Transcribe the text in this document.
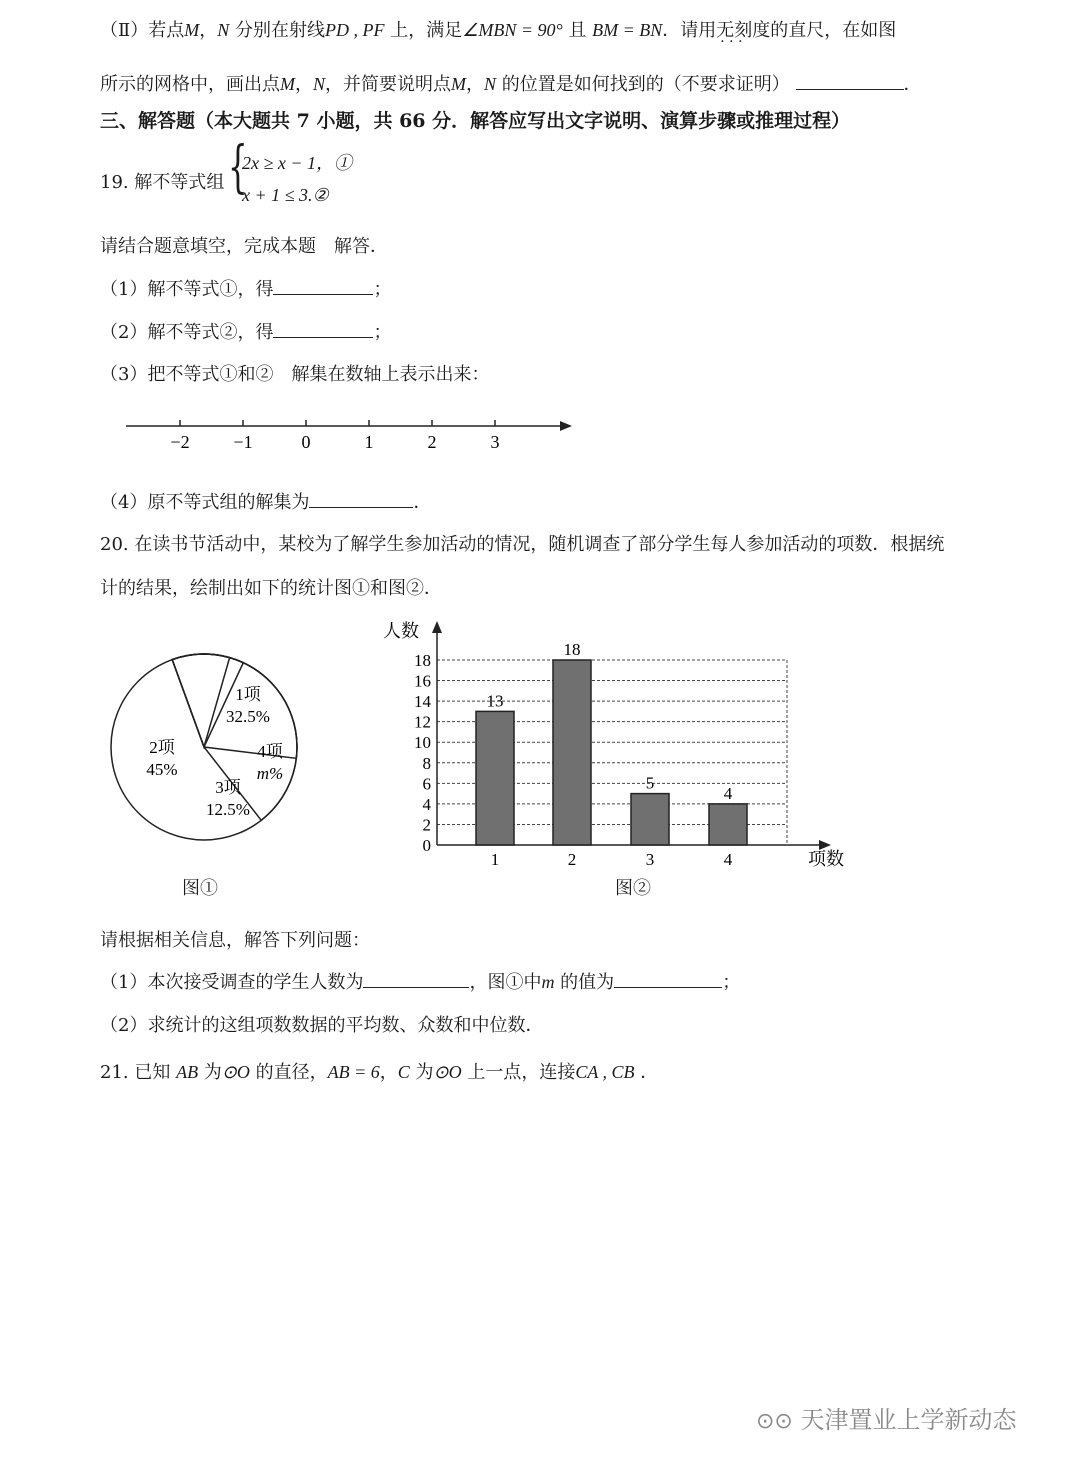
（Ⅱ）若点M，N 分别在射线PD , PF 上，满足∠MBN = 90° 且 BM = BN．请用无刻度 · · ·的直尺，在如图
所示的网格中，画出点M，N，并简要说明点M，N 的位置是如何找到的（不要求证明）	．
三、解答题（本大题共 7 小题，共 66 分．解答应写出文字说明、演算步骤或推理过程）
19. 解不等式组 {
2x ≥ x − 1，①
x + 1 ≤ 3.②
请结合题意填空，完成本题　解答．
（1）解不等式①，得	；
（2）解不等式②，得	；
（3）把不等式①和②　解集在数轴上表示出来：
−2 −1	0	1	2	3
（4）原不等式组的解集为	．
20. 在读书节活动中，某校为了解学生参加活动的情况，随机调查了部分学生每人参加活动的项数．根据统
计的结果，绘制出如下的统计图①和图②．
1项
32.5%
4项
m%
3项
12.5%
2项
45%
图①
0
2
4
6
8
10
12
14
16
18
人数
项数
13
1
18
2
5
3
4
4
图②
请根据相关信息，解答下列问题：
（1）本次接受调查的学生人数为	，图①中m 的值为	；
（2）求统计的这组项数数据的平均数、众数和中位数．
21. 已知 AB 为⊙O 的直径，AB = 6，C 为⊙O 上一点，连接CA , CB ．
⊙⊙ 天津置业上学新动态
